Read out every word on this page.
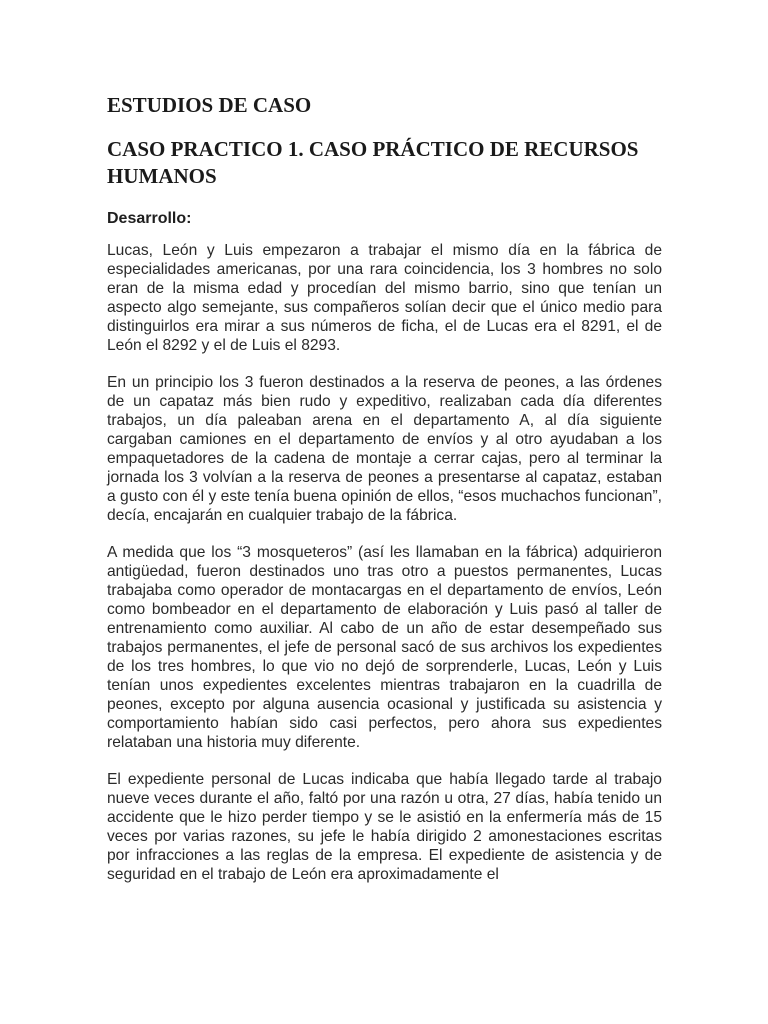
ESTUDIOS DE CASO
CASO PRACTICO 1. CASO PRÁCTICO DE RECURSOS HUMANOS

Desarrollo:

Lucas, León y Luis empezaron a trabajar el mismo día en la fábrica de especialidades americanas, por una rara coincidencia, los 3 hombres no solo eran de la misma edad y procedían del mismo barrio, sino que tenían un aspecto algo semejante, sus compañeros solían decir que el único medio para distinguirlos era mirar a sus números de ficha, el de Lucas era el 8291, el de León el 8292 y el de Luis el 8293.

En un principio los 3 fueron destinados a la reserva de peones, a las órdenes de un capataz más bien rudo y expeditivo, realizaban cada día diferentes trabajos, un día paleaban arena en el departamento A, al día siguiente cargaban camiones en el departamento de envíos y al otro ayudaban a los empaquetadores de la cadena de montaje a cerrar cajas, pero al terminar la jornada los 3 volvían a la reserva de peones a presentarse al capataz, estaban a gusto con él y este tenía buena opinión de ellos, “esos muchachos funcionan”, decía, encajarán en cualquier trabajo de la fábrica.

A medida que los “3 mosqueteros” (así les llamaban en la fábrica) adquirieron antigüedad, fueron destinados uno tras otro a puestos permanentes, Lucas trabajaba como operador de montacargas en el departamento de envíos, León como bombeador en el departamento de elaboración y Luis pasó al taller de entrenamiento como auxiliar. Al cabo de un año de estar desempeñado sus trabajos permanentes, el jefe de personal sacó de sus archivos los expedientes de los tres hombres, lo que vio no dejó de sorprenderle, Lucas, León y Luis tenían unos expedientes excelentes mientras trabajaron en la cuadrilla de peones, excepto por alguna ausencia ocasional y justificada su asistencia y comportamiento habían sido casi perfectos, pero ahora sus expedientes relataban una historia muy diferente.

El expediente personal de Lucas indicaba que había llegado tarde al trabajo nueve veces durante el año, faltó por una razón u otra, 27 días, había tenido un accidente que le hizo perder tiempo y se le asistió en la enfermería más de 15 veces por varias razones, su jefe le había dirigido 2 amonestaciones escritas por infracciones a las reglas de la empresa. El expediente de asistencia y de seguridad en el trabajo de León era aproximadamente el
